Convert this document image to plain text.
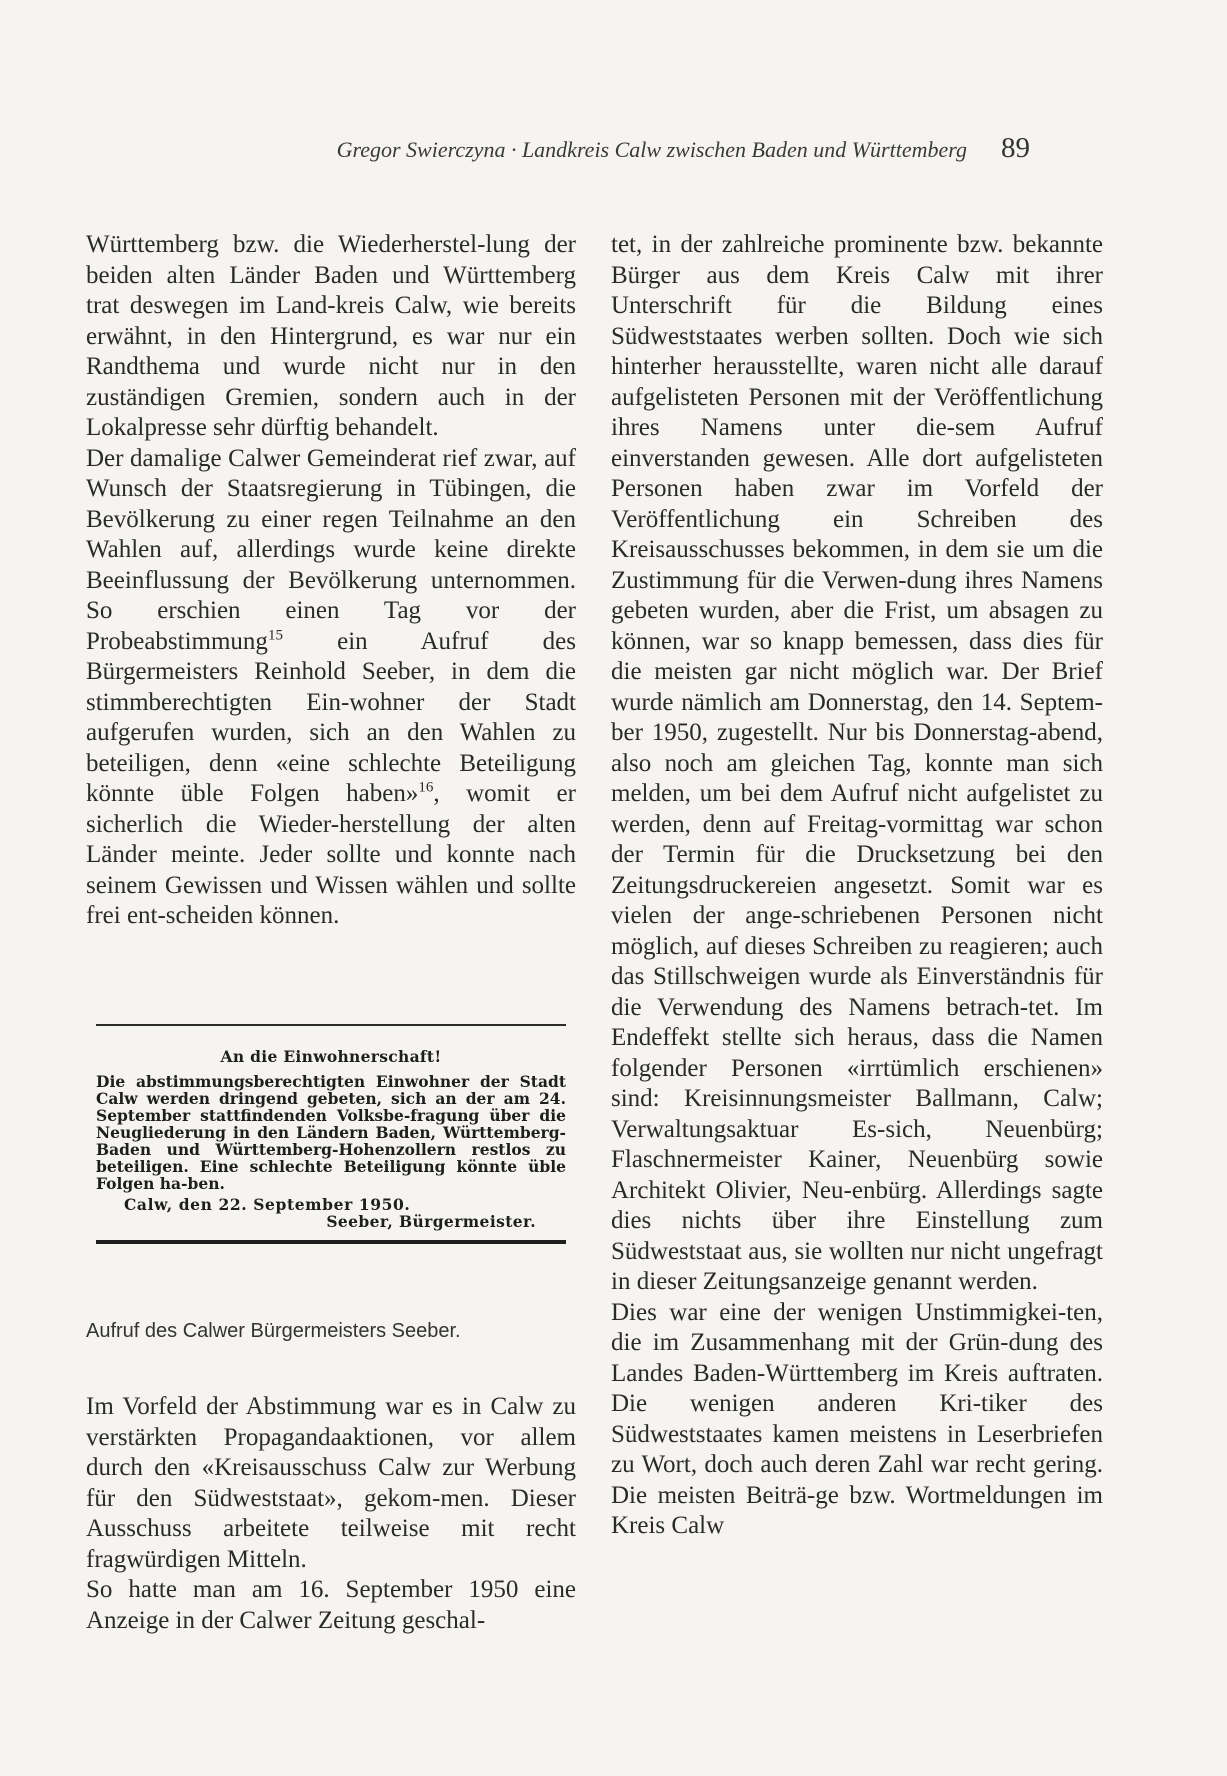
Gregor Swierczyna · Landkreis Calw zwischen Baden und Württemberg 89

Württemberg bzw. die Wiederherstel-lung der beiden alten Länder Baden und Württemberg trat deswegen im Land-kreis Calw, wie bereits erwähnt, in den Hintergrund, es war nur ein Randthema und wurde nicht nur in den zuständigen Gremien, sondern auch in der Lokalpresse sehr dürftig behandelt.

Der damalige Calwer Gemeinderat rief zwar, auf Wunsch der Staatsregierung in Tübingen, die Bevölkerung zu einer regen Teilnahme an den Wahlen auf, allerdings wurde keine direkte Beeinflussung der Bevölkerung unternommen. So erschien einen Tag vor der Probeabstimmung$^{15}$ ein Aufruf des Bürgermeisters Reinhold Seeber, in dem die stimmberechtigten Ein-wohner der Stadt aufgerufen wurden, sich an den Wahlen zu beteiligen, denn «eine schlechte Beteiligung könnte üble Folgen haben»$^{16}$, womit er sicherlich die Wieder-herstellung der alten Länder meinte. Jeder sollte und konnte nach seinem Gewissen und Wissen wählen und sollte frei ent-scheiden können.

An die Einwohnerschaft!
Die abstimmungsberechtigten Einwohner der Stadt Calw werden dringend gebeten, sich an der am 24. September stattfindenden Volksbe-fragung über die Neugliederung in den Ländern Baden, Württemberg-Baden und Württemberg-Hohenzollern restlos zu beteiligen. Eine schlechte Beteiligung könnte üble Folgen ha-ben.
Calw, den 22. September 1950.
Seeber, Bürgermeister.
Aufruf des Calwer Bürgermeisters Seeber.

Im Vorfeld der Abstimmung war es in Calw zu verstärkten Propagandaaktionen, vor allem durch den «Kreisausschuss Calw zur Werbung für den Südweststaat», gekom-men. Dieser Ausschuss arbeitete teilweise mit recht fragwürdigen Mitteln.

So hatte man am 16. September 1950 eine Anzeige in der Calwer Zeitung geschal-

tet, in der zahlreiche prominente bzw. bekannte Bürger aus dem Kreis Calw mit ihrer Unterschrift für die Bildung eines Südweststaates werben sollten. Doch wie sich hinterher herausstellte, waren nicht alle darauf aufgelisteten Personen mit der Veröffentlichung ihres Namens unter die-sem Aufruf einverstanden gewesen. Alle dort aufgelisteten Personen haben zwar im Vorfeld der Veröffentlichung ein Schreiben des Kreisausschusses bekommen, in dem sie um die Zustimmung für die Verwen-dung ihres Namens gebeten wurden, aber die Frist, um absagen zu können, war so knapp bemessen, dass dies für die meisten gar nicht möglich war. Der Brief wurde nämlich am Donnerstag, den 14. Septem-ber 1950, zugestellt. Nur bis Donnerstag-abend, also noch am gleichen Tag, konnte man sich melden, um bei dem Aufruf nicht aufgelistet zu werden, denn auf Freitag-vormittag war schon der Termin für die Drucksetzung bei den Zeitungsdruckereien angesetzt. Somit war es vielen der ange-schriebenen Personen nicht möglich, auf dieses Schreiben zu reagieren; auch das Stillschweigen wurde als Einverständnis für die Verwendung des Namens betrach-tet. Im Endeffekt stellte sich heraus, dass die Namen folgender Personen «irrtümlich erschienen» sind: Kreisinnungsmeister Ballmann, Calw; Verwaltungsaktuar Es-sich, Neuenbürg; Flaschnermeister Kainer, Neuenbürg sowie Architekt Olivier, Neu-enbürg. Allerdings sagte dies nichts über ihre Einstellung zum Südweststaat aus, sie wollten nur nicht ungefragt in dieser Zeitungsanzeige genannt werden.

Dies war eine der wenigen Unstimmigkei-ten, die im Zusammenhang mit der Grün-dung des Landes Baden-Württemberg im Kreis auftraten. Die wenigen anderen Kri-tiker des Südweststaates kamen meistens in Leserbriefen zu Wort, doch auch deren Zahl war recht gering. Die meisten Beiträ-ge bzw. Wortmeldungen im Kreis Calw
